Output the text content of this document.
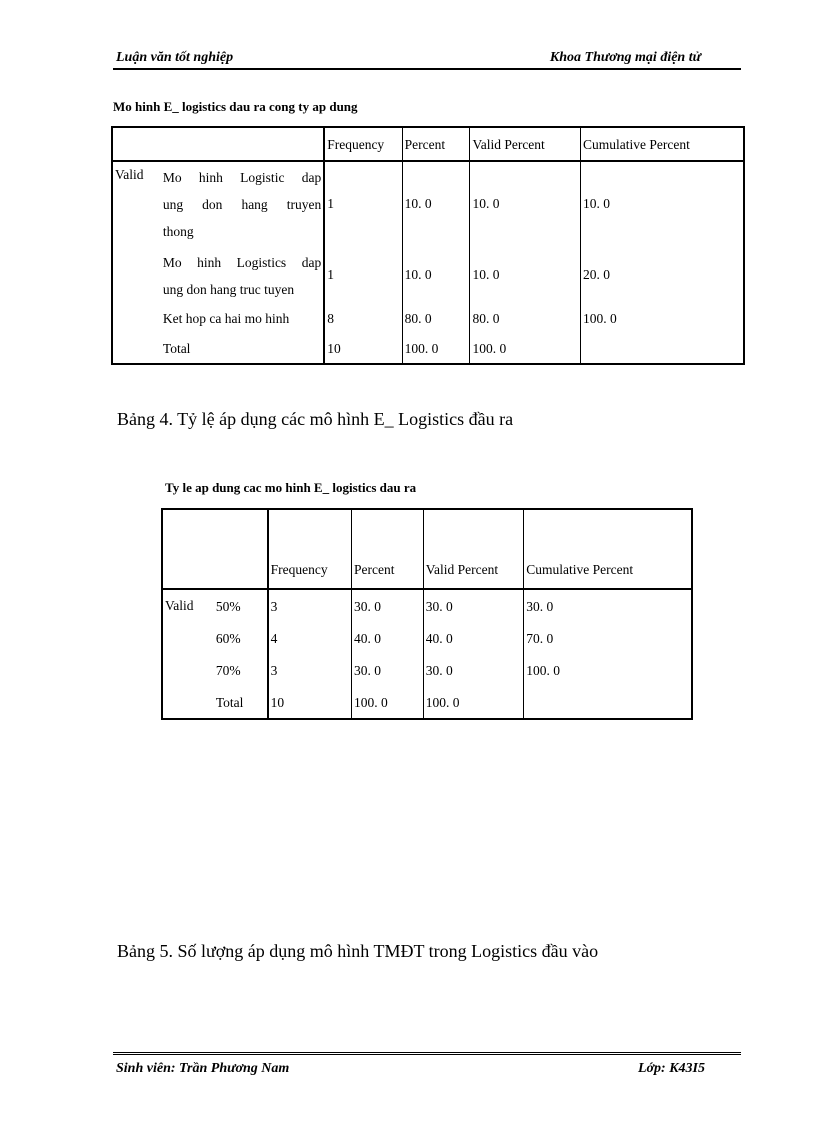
Luận văn tốt nghiệp	Khoa Thương mại điện tử
Mo hinh E_ logistics dau ra cong ty ap dung
		Frequency	Percent	Valid Percent	Cumulative Percent
Valid	Mo hinh Logistic dap
ung don hang truyen
thong	1	10. 0	10. 0	10. 0

	Mo hinh Logistics dap
ung don hang truc tuyen	1	10. 0	10. 0	20. 0
	Ket hop ca hai mo hinh	8	80. 0	80. 0	100. 0
	Total	10	100. 0	100. 0	
Bảng 4. Tỷ lệ áp dụng các mô hình E_ Logistics đầu ra
Ty le ap dung cac mo hinh E_ logistics dau ra
		Frequency	Percent	Valid Percent	Cumulative Percent
Valid	50%	3	30. 0	30. 0	30. 0
	60%	4	40. 0	40. 0	70. 0
	70%	3	30. 0	30. 0	100. 0
	Total	10	100. 0	100. 0	
Bảng 5. Số lượng áp dụng mô hình TMĐT trong Logistics đầu vào
Sinh viên: Trần Phương Nam	Lớp: K43I5
